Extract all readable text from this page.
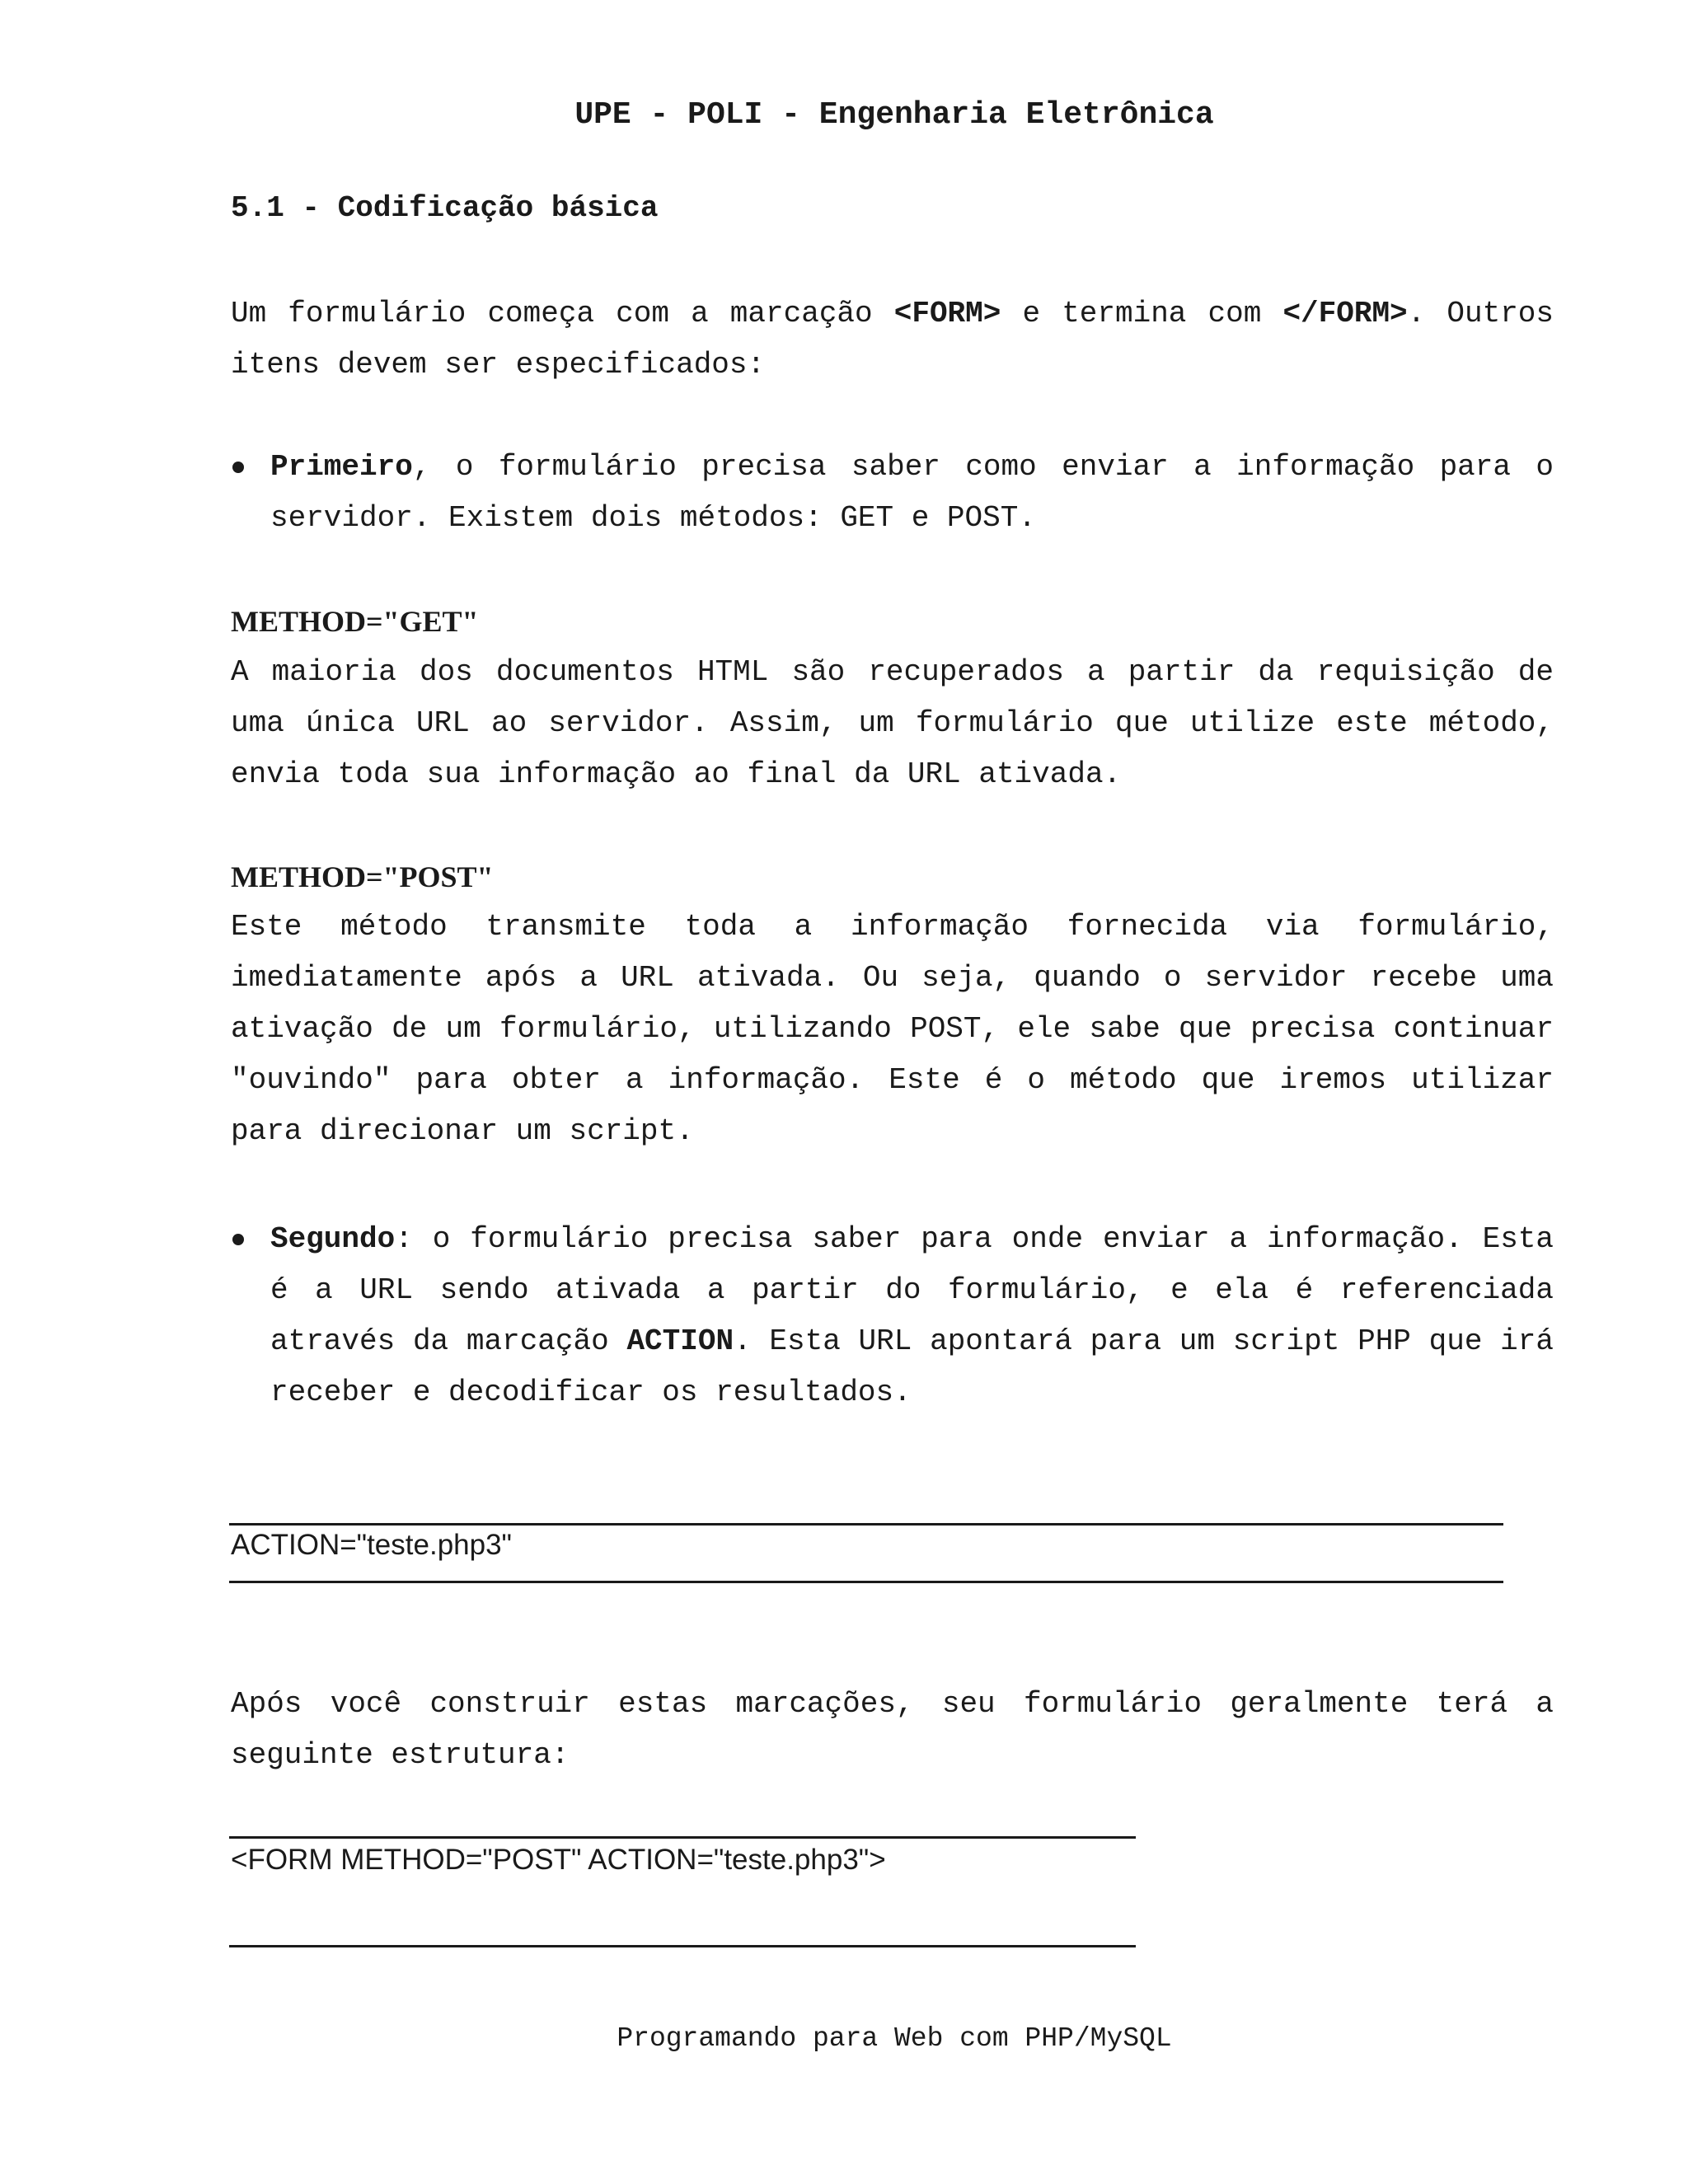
UPE - POLI - Engenharia Eletrônica
5.1 - Codificação básica
Um formulário começa com a marcação <FORM> e termina com </FORM>. Outros itens devem ser especificados:
Primeiro, o formulário precisa saber como enviar a informação para o servidor. Existem dois métodos: GET e POST.
METHOD="GET"
A maioria dos documentos HTML são recuperados a partir da requisição de uma única URL ao servidor. Assim, um formulário que utilize este método, envia toda sua informação ao final da URL ativada.
METHOD="POST"
Este método transmite toda a informação fornecida via formulário, imediatamente após a URL ativada. Ou seja, quando o servidor recebe uma ativação de um formulário, utilizando POST, ele sabe que precisa continuar "ouvindo" para obter a informação. Este é o método que iremos utilizar para direcionar um script.
Segundo: o formulário precisa saber para onde enviar a informação. Esta é a URL sendo ativada a partir do formulário, e ela é referenciada através da marcação ACTION. Esta URL apontará para um script PHP que irá receber e decodificar os resultados.
ACTION="teste.php3"
Após você construir estas marcações, seu formulário geralmente terá a seguinte estrutura:
<FORM METHOD="POST" ACTION="teste.php3">
Programando para Web com PHP/MySQL
